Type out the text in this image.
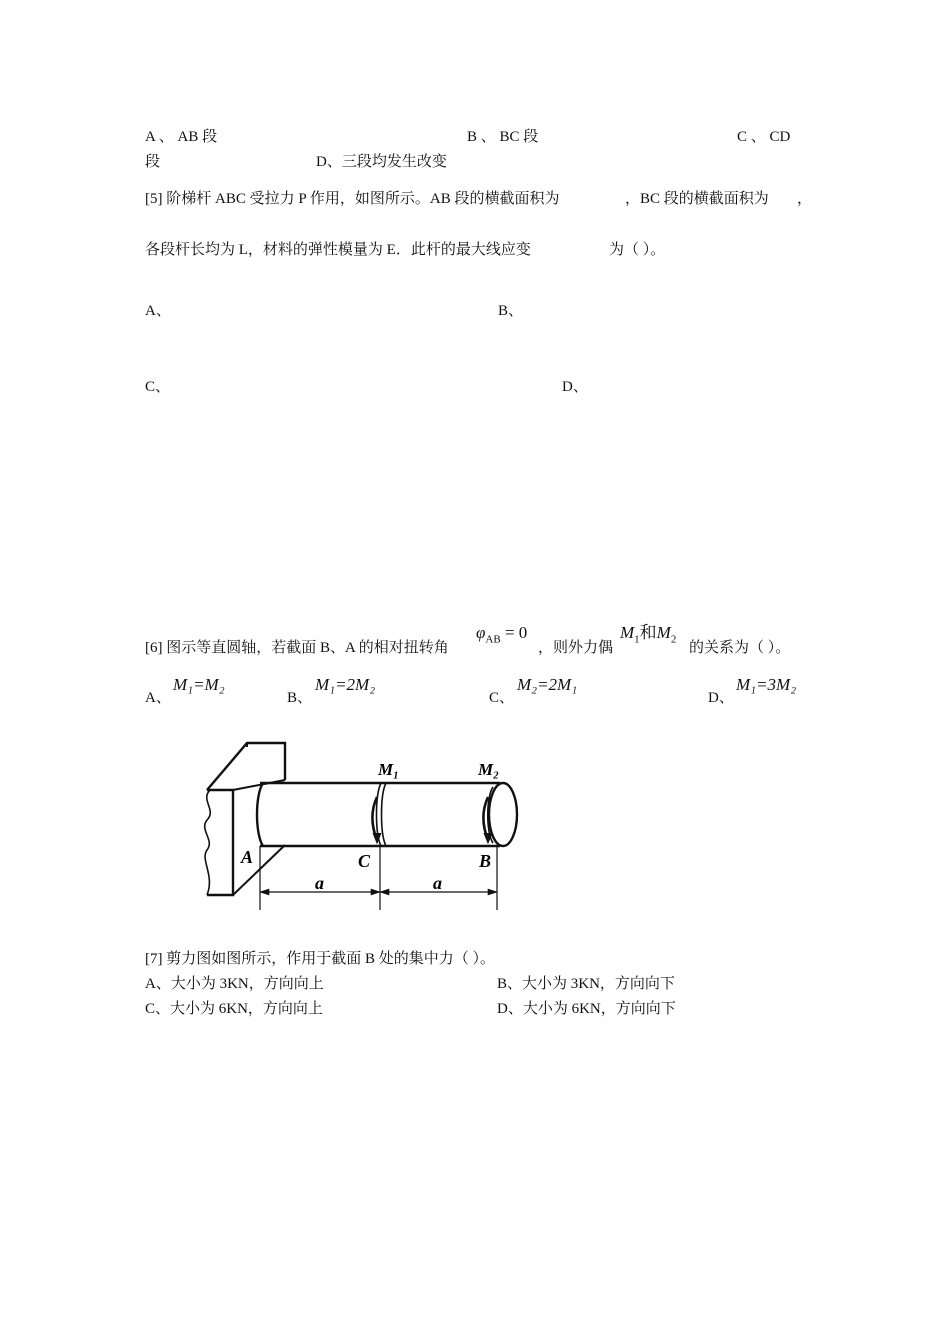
A 、 AB 段	B 、 BC 段	C 、 CD
段	D、三段均发生改变
[5] 阶梯杆 ABC 受拉力 P 作用，如图所示。AB 段的横截面积为	，BC 段的横截面积为 ，
各段杆长均为 L，材料的弹性模量为 E．此杆的最大线应变	为（ ）。
A、	B、
C、	D、
[6] 图示等直圆轴，若截面 B、A 的相对扭转角
$\varphi_{AB} = 0$
，则外力偶
$M_1$和$M_2$
的关系为（ ）。
A、
M₁=M₂
B、
M₁=2M₂
C、
M₂=2M₁
D、
M₁=3M₂
M₁	M₂
A	C	B
a	a
[7] 剪力图如图所示，作用于截面 B 处的集中力（ ）。
A、大小为 3KN，方向向上	B、大小为 3KN，方向向下
C、大小为 6KN，方向向上	D、大小为 6KN，方向向下
